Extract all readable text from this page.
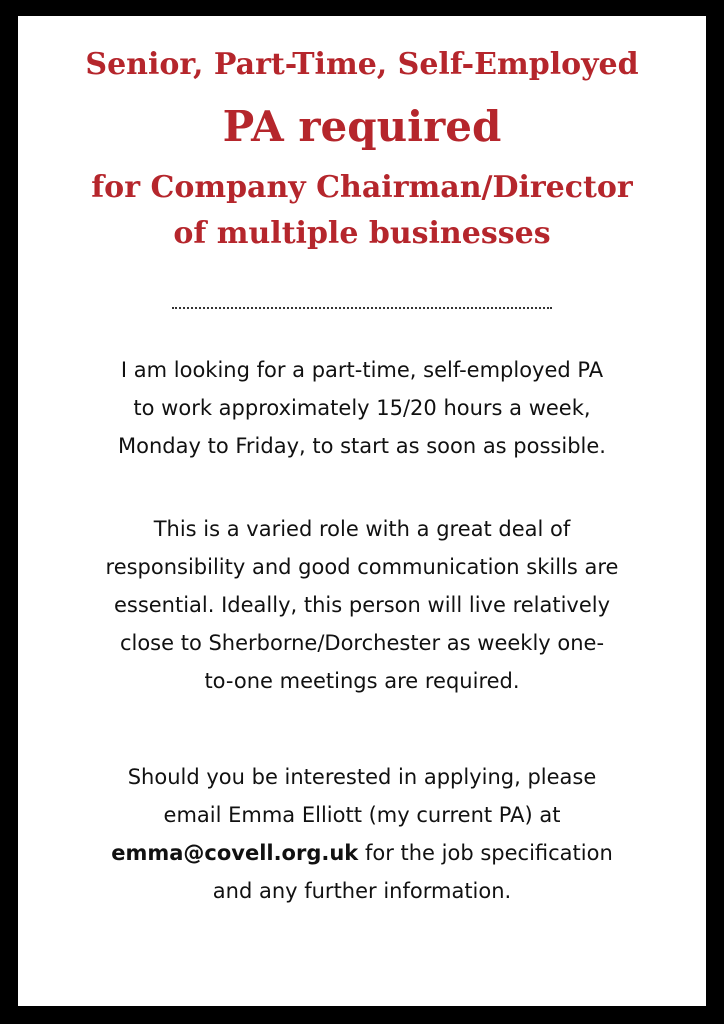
Senior, Part-Time, Self-Employed
PA required
for Company Chairman/Director
of multiple businesses

I am looking for a part-time, self-employed PA
to work approximately 15/20 hours a week,
Monday to Friday, to start as soon as possible.

This is a varied role with a great deal of
responsibility and good communication skills are
essential. Ideally, this person will live relatively
close to Sherborne/Dorchester as weekly one-
to-one meetings are required.

Should you be interested in applying, please
email Emma Elliott (my current PA) at
emma@covell.org.uk for the job specification
and any further information.
